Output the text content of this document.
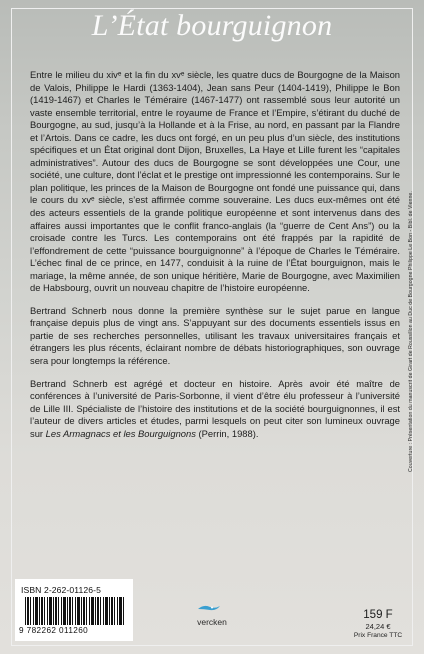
L’État bourguignon

Entre le milieu du xivᵉ et la fin du xvᵉ siècle, les quatre ducs de Bourgogne de la Maison de Valois, Philippe le Hardi (1363-1404), Jean sans Peur (1404-1419), Philippe le Bon (1419-1467) et Charles le Téméraire (1467-1477) ont rassemblé sous leur autorité un vaste ensemble territorial, entre le royaume de France et l’Empire, s’étirant du duché de Bourgogne, au sud, jusqu’à la Hollande et à la Frise, au nord, en passant par la Flandre et l’Artois. Dans ce cadre, les ducs ont forgé, en un peu plus d’un siècle, des institutions spécifiques et un État original dont Dijon, Bruxelles, La Haye et Lille furent les “capitales administratives”. Autour des ducs de Bourgogne se sont développées une Cour, une société, une culture, dont l’éclat et le prestige ont impressionné les contemporains. Sur le plan politique, les princes de la Maison de Bourgogne ont fondé une puissance qui, dans le cours du xvᵉ siècle, s’est affirmée comme souveraine. Les ducs eux-mêmes ont été des acteurs essentiels de la grande politique européenne et sont intervenus dans des affaires aussi importantes que le conflit franco-anglais (la “guerre de Cent Ans”) ou la croisade contre les Turcs. Les contemporains ont été frappés par la rapidité de l’effondrement de cette “puissance bourguignonne” à l’époque de Charles le Téméraire. L’échec final de ce prince, en 1477, conduisit à la ruine de l’État bourguignon, mais le mariage, la même année, de son unique héritière, Marie de Bourgogne, avec Maximilien de Habsbourg, ouvrit un nouveau chapitre de l’histoire européenne.

Bertrand Schnerb nous donne la première synthèse sur le sujet parue en langue française depuis plus de vingt ans. S’appuyant sur des documents essentiels issus en partie de ses recherches personnelles, utilisant les travaux universitaires français et étrangers les plus récents, éclairant nombre de débats historiographiques, son ouvrage sera pour longtemps la référence.

Bertrand Schnerb est agrégé et docteur en histoire. Après avoir été maître de conférences à l’université de Paris-Sorbonne, il vient d’être élu professeur à l’université de Lille III. Spécialiste de l’histoire des institutions et de la société bourguignonnes, il est l’auteur de divers articles et études, parmi lesquels on peut citer son lumineux ouvrage sur Les Armagnacs et les Bourguignons (Perrin, 1988).	Couverture : Présentation du manuscrit de Girart de Roussillon au Duc de Bourgogne Philippe Le Bon - Bibl. de Vienne.
ISBN 2-262-01126-5
9 782262 011260
vercken
159 F
24,24 €
Prix France TTC
